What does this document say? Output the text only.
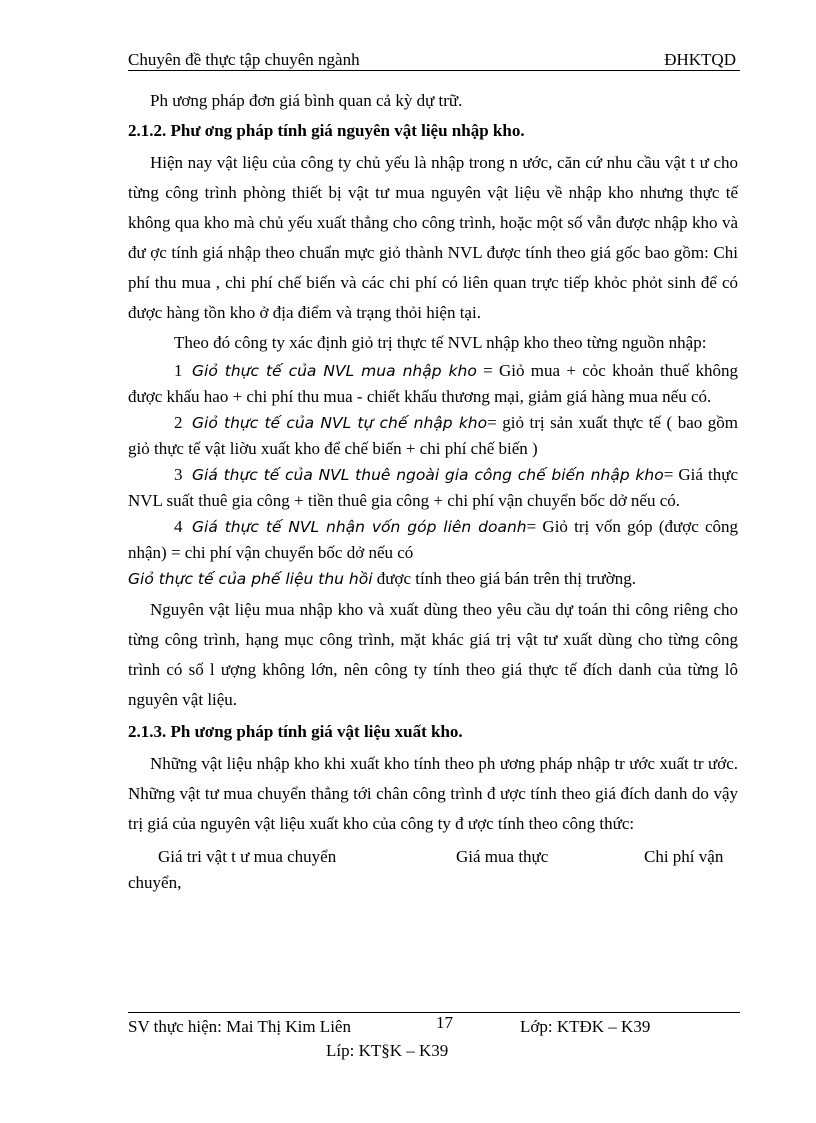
Chuyên đề thực tập chuyên ngành	ĐHKTQD

Ph ương pháp đơn giá bình quan cả kỳ dự trữ.

2.1.2. Phư ơng pháp tính giá nguyên vật liệu nhập kho.

Hiện nay vật liệu của công ty chủ yếu là nhập trong n ước, căn cứ nhu cầu vật t ư cho từng công trình phòng thiết bị vật tư mua nguyên vật liệu về nhập kho nhưng thực tế không qua kho mà chủ yếu xuất thẳng cho công trình, hoặc một số vẫn được nhập kho và đư ợc tính giá nhập theo chuẩn mực giỏ thành NVL được tính theo giá gốc bao gồm: Chi phí thu mua , chi phí chế biến và các chi phí có liên quan trực tiếp khỏc phỏt sinh để có được hàng tồn kho ở địa điểm và trạng thỏi hiện tại.

Theo đó công ty xác định giỏ trị thực tế NVL nhập kho theo từng nguồn nhập:

1 Giỏ thực tế của NVL mua nhập kho = Giỏ mua + cỏc khoản thuế không được khấu hao + chi phí thu mua - chiết khấu thương mại, giảm giá hàng mua nếu có.

2 Giỏ thực tế của NVL tự chế nhập kho= giỏ trị sản xuất thực tế ( bao gồm giỏ thực tế vật liờu xuất kho để chế biến + chi phí chế biến )

3 Giá thực tế của NVL thuê ngoài gia công chế biến nhập kho= Giá thực NVL suất thuê gia công + tiền thuê gia công + chi phí vận chuyển bốc dở nếu có.

4 Giá thực tế NVL nhận vốn góp liên doanh= Giỏ trị vốn góp (được công nhận) = chi phí vận chuyển bốc dở nếu có

Giỏ thực tế của phế liệu thu hồi được tính theo giá bán trên thị trường.

Nguyên vật liệu mua nhập kho và xuất dùng theo yêu cầu dự toán thi công riêng cho từng công trình, hạng mục công trình, mặt khác giá trị vật tư xuất dùng cho từng công trình có số l ượng không lớn, nên công ty tính theo giá thực tế đích danh của từng lô nguyên vật liệu.

2.1.3. Ph ương pháp tính giá vật liệu xuất kho.

Những vật liệu nhập kho khi xuất kho tính theo ph ương pháp nhập tr ước xuất tr ước. Những vật tư mua chuyển thẳng tới chân công trình đ ược tính theo giá đích danh do vậy trị giá của nguyên vật liệu xuất kho của công ty đ ược tính theo công thức:

Giá tri vật t ư mua chuyển	Giá mua thực	Chi phí vận
chuyển,
SV thực hiện: Mai Thị Kim Liên	17	Lớp: KTĐK – K39
Líp: KT§K – K39
